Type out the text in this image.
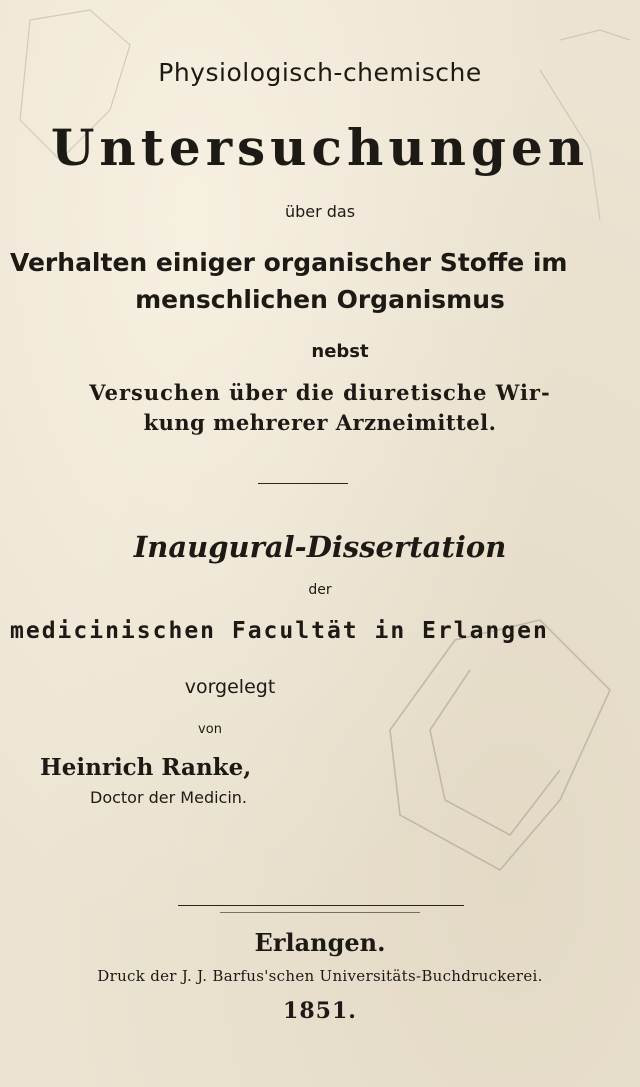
Physiologisch-chemische
Untersuchungen
über das
Verhalten einiger organischer Stoffe im
menschlichen Organismus
nebst
Versuchen über die diuretische Wir-
kung mehrerer Arzneimittel.
Inaugural-Dissertation
der
medicinischen Facultät in Erlangen
vorgelegt
von
Heinrich Ranke,
Doctor der Medicin.
Erlangen.
Druck der J. J. Barfus'schen Universitäts-Buchdruckerei.
1851.
